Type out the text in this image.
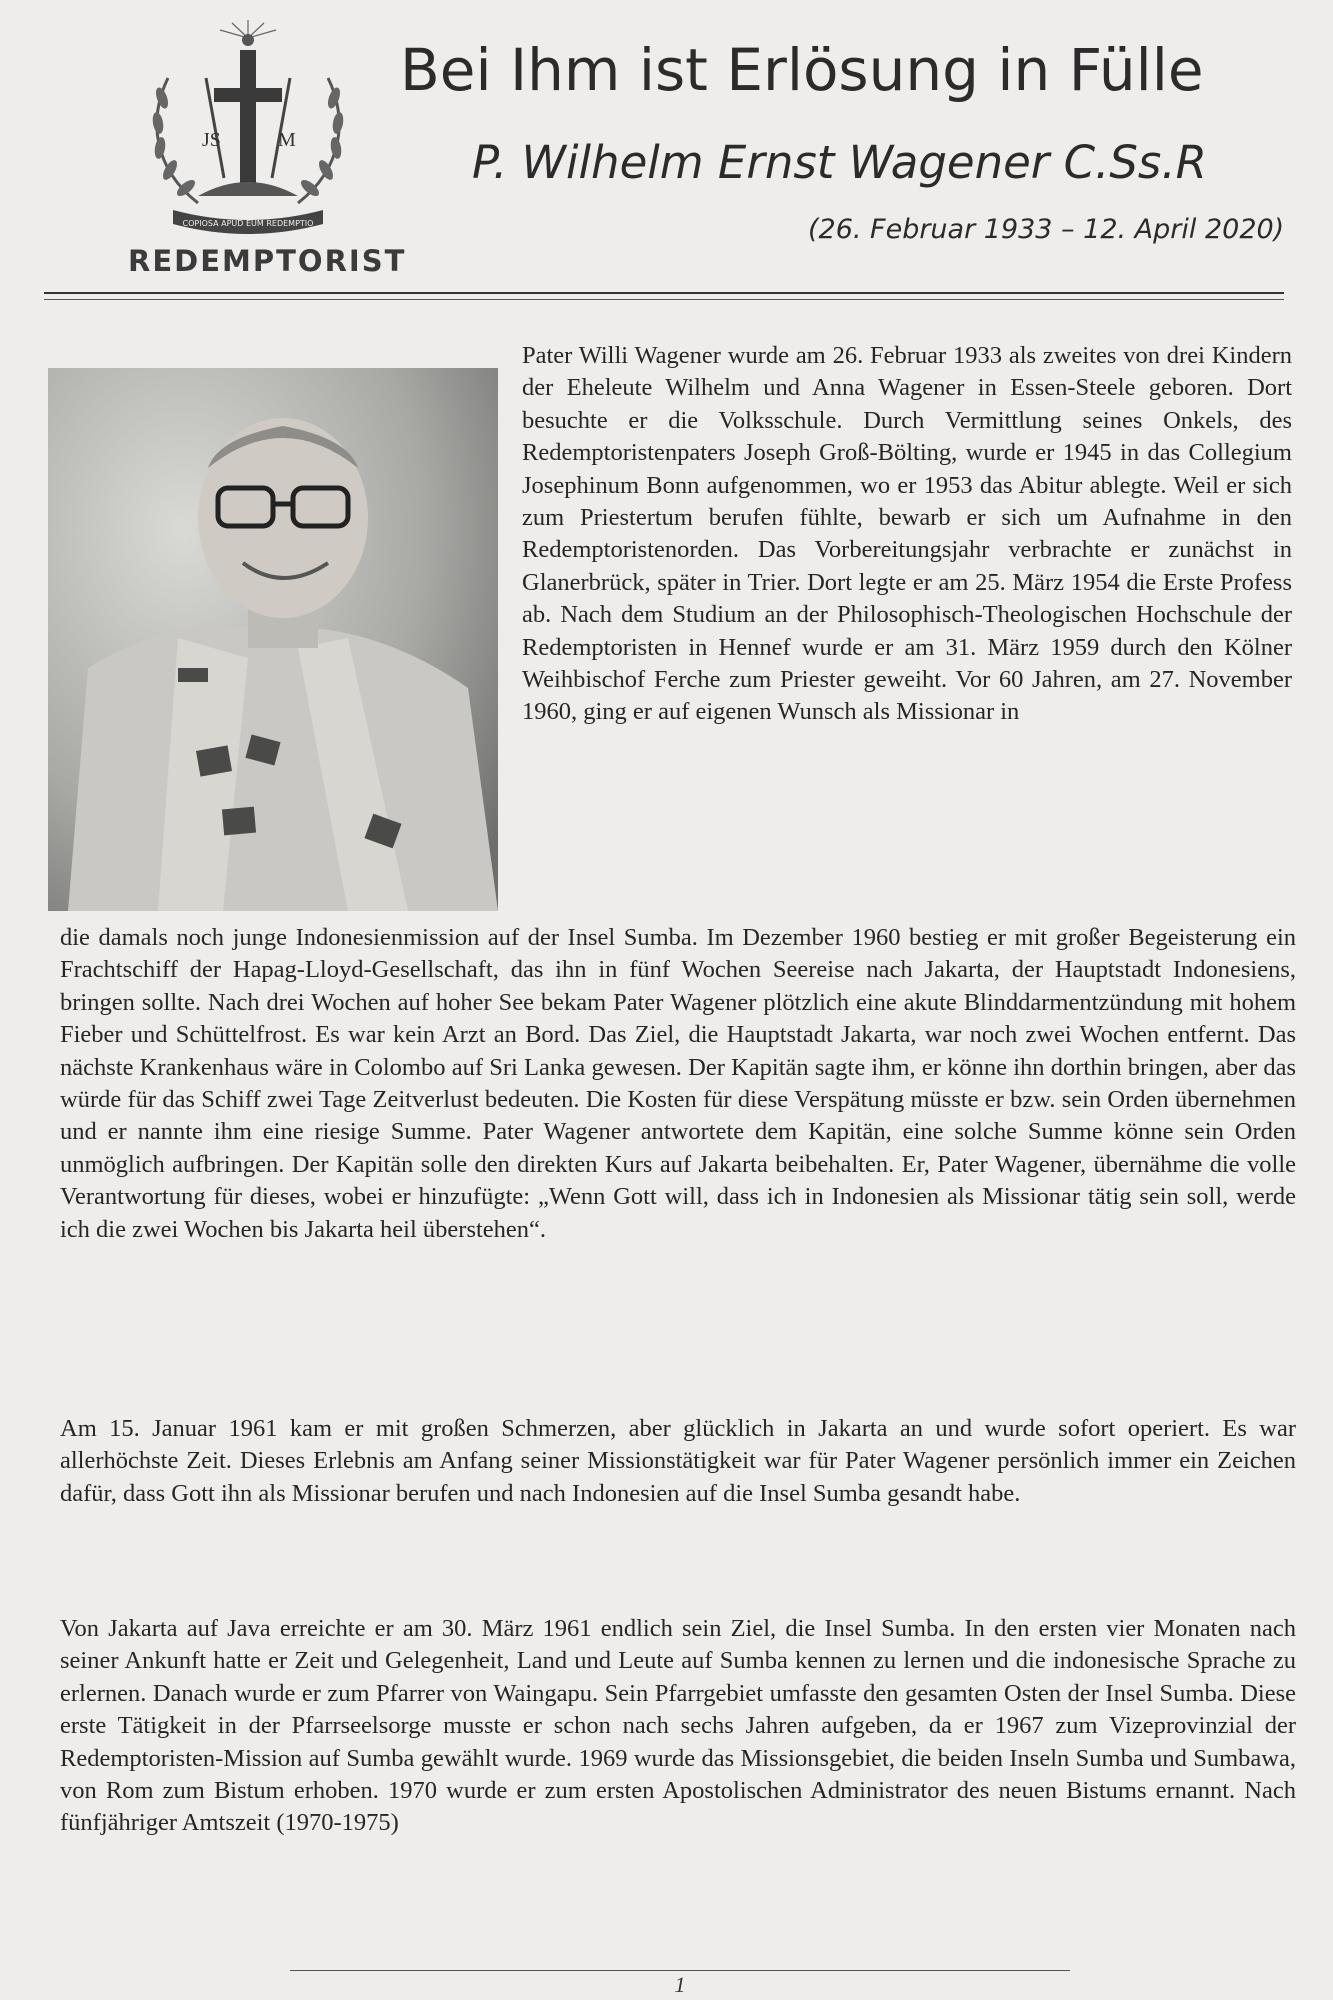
JS	M
COPIOSA APUD EUM REDEMPTIO
REDEMPTORIST
Bei Ihm ist Erlösung in Fülle
P. Wilhelm Ernst Wagener C.Ss.R
(26. Februar 1933 – 12. April 2020)
Pater Willi Wagener wurde am 26. Februar 1933 als zweites von drei Kindern der Eheleute Wilhelm und Anna Wagener in Essen-Steele geboren. Dort besuchte er die Volksschule. Durch Vermittlung seines Onkels, des Redemptoristenpaters Joseph Groß-Bölting, wurde er 1945 in das Collegium Josephinum Bonn aufgenommen, wo er 1953 das Abitur ablegte. Weil er sich zum Priestertum berufen fühlte, bewarb er sich um Aufnahme in den Redemptoristenorden. Das Vorbereitungsjahr verbrachte er zunächst in Glanerbrück, später in Trier. Dort legte er am 25. März 1954 die Erste Profess ab. Nach dem Studium an der Philosophisch-Theologischen Hochschule der Redemptoristen in Hennef wurde er am 31. März 1959 durch den Kölner Weihbischof Ferche zum Priester geweiht. Vor 60 Jahren, am 27. November 1960, ging er auf eigenen Wunsch als Missionar in
die damals noch junge Indonesienmission auf der Insel Sumba. Im Dezember 1960 bestieg er mit großer Begeisterung ein Frachtschiff der Hapag-Lloyd-Gesellschaft, das ihn in fünf Wochen Seereise nach Jakarta, der Hauptstadt Indonesiens, bringen sollte. Nach drei Wochen auf hoher See bekam Pater Wagener plötzlich eine akute Blinddarmentzündung mit hohem Fieber und Schüttelfrost. Es war kein Arzt an Bord. Das Ziel, die Hauptstadt Jakarta, war noch zwei Wochen entfernt. Das nächste Krankenhaus wäre in Colombo auf Sri Lanka gewesen. Der Kapitän sagte ihm, er könne ihn dorthin bringen, aber das würde für das Schiff zwei Tage Zeitverlust bedeuten. Die Kosten für diese Verspätung müsste er bzw. sein Orden übernehmen und er nannte ihm eine riesige Summe. Pater Wagener antwortete dem Kapitän, eine solche Summe könne sein Orden unmöglich aufbringen. Der Kapitän solle den direkten Kurs auf Jakarta beibehalten. Er, Pater Wagener, übernähme die volle Verantwortung für dieses, wobei er hinzufügte: „Wenn Gott will, dass ich in Indonesien als Missionar tätig sein soll, werde ich die zwei Wochen bis Jakarta heil überstehen“.
Am 15. Januar 1961 kam er mit großen Schmerzen, aber glücklich in Jakarta an und wurde sofort operiert. Es war allerhöchste Zeit. Dieses Erlebnis am Anfang seiner Missionstätigkeit war für Pater Wagener persönlich immer ein Zeichen dafür, dass Gott ihn als Missionar berufen und nach Indonesien auf die Insel Sumba gesandt habe.
Von Jakarta auf Java erreichte er am 30. März 1961 endlich sein Ziel, die Insel Sumba. In den ersten vier Monaten nach seiner Ankunft hatte er Zeit und Gelegenheit, Land und Leute auf Sumba kennen zu lernen und die indonesische Sprache zu erlernen. Danach wurde er zum Pfarrer von Waingapu. Sein Pfarrgebiet umfasste den gesamten Osten der Insel Sumba. Diese erste Tätigkeit in der Pfarrseelsorge musste er schon nach sechs Jahren aufgeben, da er 1967 zum Vizeprovinzial der Redemptoristen-Mission auf Sumba gewählt wurde. 1969 wurde das Missionsgebiet, die beiden Inseln Sumba und Sumbawa, von Rom zum Bistum erhoben. 1970 wurde er zum ersten Apostolischen Administrator des neuen Bistums ernannt. Nach fünfjähriger Amtszeit (1970-1975)
1
